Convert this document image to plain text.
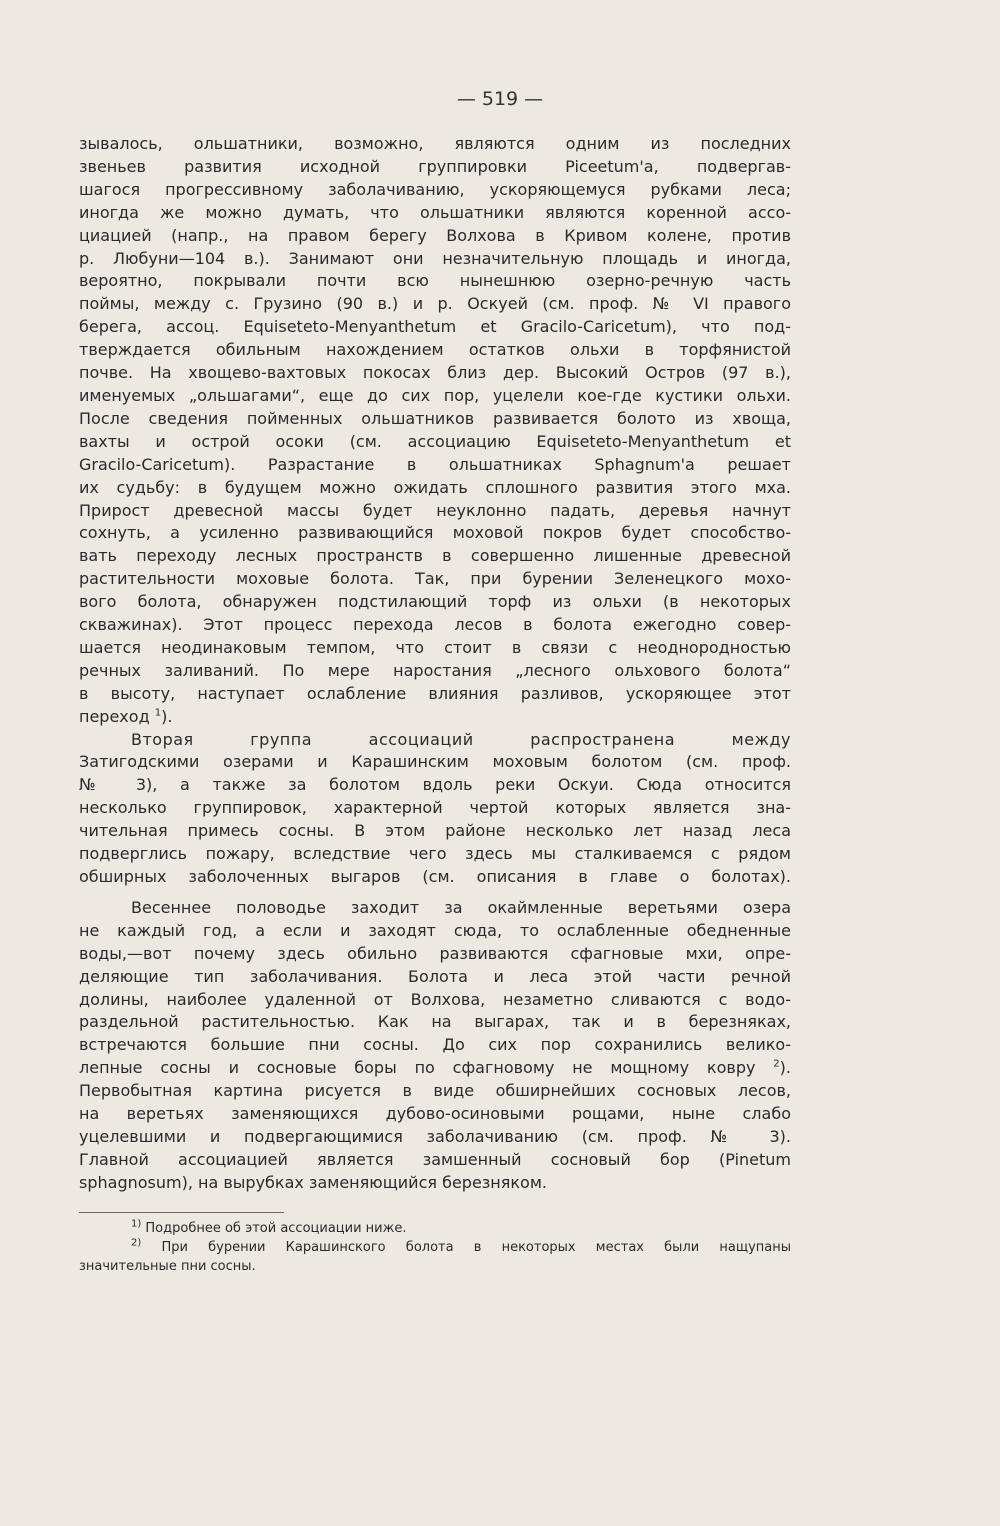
— 519 —
зывалось, ольшатники, возможно, являются одним из последних
звеньев развития исходной группировки Piceetum'a, подвергав-
шагося прогрессивному заболачиванию, ускоряющемуся рубками леса;
иногда же можно думать, что ольшатники являются коренной ассо-
циацией (напр., на правом берегу Волхова в Кривом колене, против
р. Любуни—104 в.). Занимают они незначительную площадь и иногда,
вероятно, покрывали почти всю нынешнюю озерно-речную часть
поймы, между с. Грузино (90 в.) и р. Оскуей (см. проф. № VI правого
берега, ассоц. Equiseteto-Menyanthetum et Gracilo-Caricetum), что под-
тверждается обильным нахождением остатков ольхи в торфянистой
почве. На хвощево-вахтовых покосах близ дер. Высокий Остров (97 в.),
именуемых „ольшагами“, еще до сих пор, уцелели кое-где кустики ольхи.
После сведения пойменных ольшатников развивается болото из хвоща,
вахты и острой осоки (см. ассоциацию Equiseteto-Menyanthetum et
Gracilo-Caricetum). Разрастание в ольшатниках Sphagnum'a решает
их судьбу: в будущем можно ожидать сплошного развития этого мха.
Прирост древесной массы будет неуклонно падать, деревья начнут
сохнуть, а усиленно развивающийся моховой покров будет способство-
вать переходу лесных пространств в совершенно лишенные древесной
растительности моховые болота. Так, при бурении Зеленецкого мохо-
вого болота, обнаружен подстилающий торф из ольхи (в некоторых
скважинах). Этот процесс перехода лесов в болота ежегодно совер-
шается неодинаковым темпом, что стоит в связи с неоднородностью
речных заливаний. По мере наростания „лесного ольхового болота“
в высоту, наступает ослабление влияния разливов, ускоряющее этот
переход $^1$).
Вторая группа ассоциаций распространена между
Затигодскими озерами и Карашинским моховым болотом (см. проф.
№ 3), а также за болотом вдоль реки Оскуи. Сюда относится
несколько группировок, характерной чертой которых является зна-
чительная примесь сосны. В этом районе несколько лет назад леса
подверглись пожару, вследствие чего здесь мы сталкиваемся с рядом
обширных заболоченных выгаров (см. описания в главе о болотах).
Весеннее половодье заходит за окаймленные веретьями озера
не каждый год, а если и заходят сюда, то ослабленные обедненные
воды,—вот почему здесь обильно развиваются сфагновые мхи, опре-
деляющие тип заболачивания. Болота и леса этой части речной
долины, наиболее удаленной от Волхова, незаметно сливаются с водо-
раздельной растительностью. Как на выгарах, так и в березняках,
встречаются большие пни сосны. До сих пор сохранились велико-
лепные сосны и сосновые боры по сфагновому не мощному ковру $^2$).
Первобытная картина рисуется в виде обширнейших сосновых лесов,
на веретьях заменяющихся дубово-осиновыми рощами, ныне слабо
уцелевшими и подвергающимися заболачиванию (см. проф. № 3).
Главной ассоциацией является замшенный сосновый бор (Pinetum
sphagnosum), на вырубках заменяющийся березняком.
$^{1)}$ Подробнее об этой ассоциации ниже.
$^{2)}$ При бурении Карашинского болота в некоторых местах были нащупаны
значительные пни сосны.
